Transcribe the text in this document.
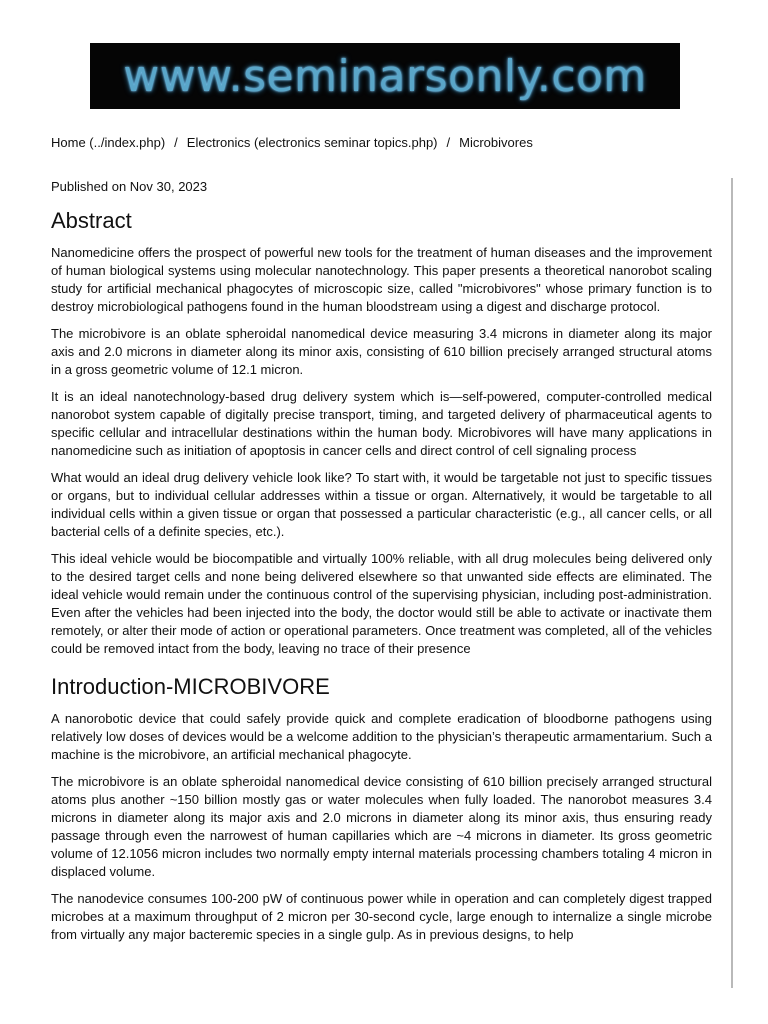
www.seminarsonly.com
Home (../index.php) / Electronics (electronics seminar topics.php) / Microbivores
Published on Nov 30, 2023
Abstract

Nanomedicine offers the prospect of powerful new tools for the treatment of human diseases and the improvement of human biological systems using molecular nanotechnology. This paper presents a theoretical nanorobot scaling study for artificial mechanical phagocytes of microscopic size, called "microbivores" whose primary function is to destroy microbiological pathogens found in the human bloodstream using a digest and discharge protocol.

The microbivore is an oblate spheroidal nanomedical device measuring 3.4 microns in diameter along its major axis and 2.0 microns in diameter along its minor axis, consisting of 610 billion precisely arranged structural atoms in a gross geometric volume of 12.1 micron.

It is an ideal nanotechnology-based drug delivery system which is—self-powered, computer-controlled medical nanorobot system capable of digitally precise transport, timing, and targeted delivery of pharmaceutical agents to specific cellular and intracellular destinations within the human body. Microbivores will have many applications in nanomedicine such as initiation of apoptosis in cancer cells and direct control of cell signaling process

What would an ideal drug delivery vehicle look like? To start with, it would be targetable not just to specific tissues or organs, but to individual cellular addresses within a tissue or organ. Alternatively, it would be targetable to all individual cells within a given tissue or organ that possessed a particular characteristic (e.g., all cancer cells, or all bacterial cells of a definite species, etc.).

This ideal vehicle would be biocompatible and virtually 100% reliable, with all drug molecules being delivered only to the desired target cells and none being delivered elsewhere so that unwanted side effects are eliminated. The ideal vehicle would remain under the continuous control of the supervising physician, including post-administration. Even after the vehicles had been injected into the body, the doctor would still be able to activate or inactivate them remotely, or alter their mode of action or operational parameters. Once treatment was completed, all of the vehicles could be removed intact from the body, leaving no trace of their presence

Introduction-MICROBIVORE

A nanorobotic device that could safely provide quick and complete eradication of bloodborne pathogens using relatively low doses of devices would be a welcome addition to the physician’s therapeutic armamentarium. Such a machine is the microbivore, an artificial mechanical phagocyte.

The microbivore is an oblate spheroidal nanomedical device consisting of 610 billion precisely arranged structural atoms plus another ~150 billion mostly gas or water molecules when fully loaded. The nanorobot measures 3.4 microns in diameter along its major axis and 2.0 microns in diameter along its minor axis, thus ensuring ready passage through even the narrowest of human capillaries which are ~4 microns in diameter. Its gross geometric volume of 12.1056 micron includes two normally empty internal materials processing chambers totaling 4 micron in displaced volume.

The nanodevice consumes 100-200 pW of continuous power while in operation and can completely digest trapped microbes at a maximum throughput of 2 micron per 30-second cycle, large enough to internalize a single microbe from virtually any major bacteremic species in a single gulp. As in previous designs, to help
